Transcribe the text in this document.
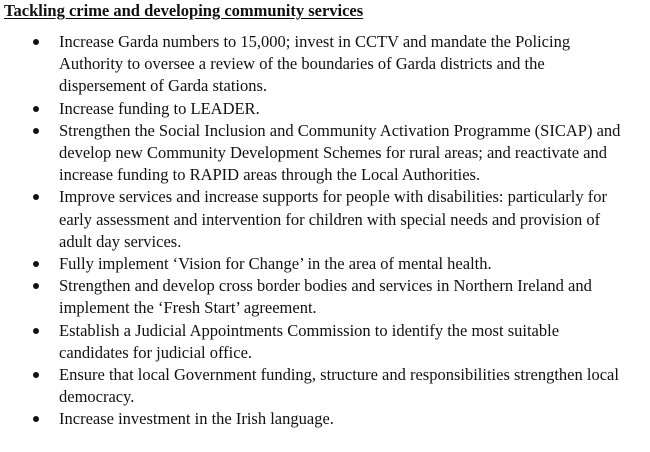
Tackling crime and developing community services
Increase Garda numbers to 15,000; invest in CCTV and mandate the Policing
Authority to oversee a review of the boundaries of Garda districts and the
dispersement of Garda stations.
Increase funding to LEADER.
Strengthen the Social Inclusion and Community Activation Programme (SICAP) and
develop new Community Development Schemes for rural areas; and reactivate and
increase funding to RAPID areas through the Local Authorities.
Improve services and increase supports for people with disabilities: particularly for
early assessment and intervention for children with special needs and provision of
adult day services.
Fully implement ‘Vision for Change’ in the area of mental health.
Strengthen and develop cross border bodies and services in Northern Ireland and
implement the ‘Fresh Start’ agreement.
Establish a Judicial Appointments Commission to identify the most suitable
candidates for judicial office.
Ensure that local Government funding, structure and responsibilities strengthen local
democracy.
Increase investment in the Irish language.
